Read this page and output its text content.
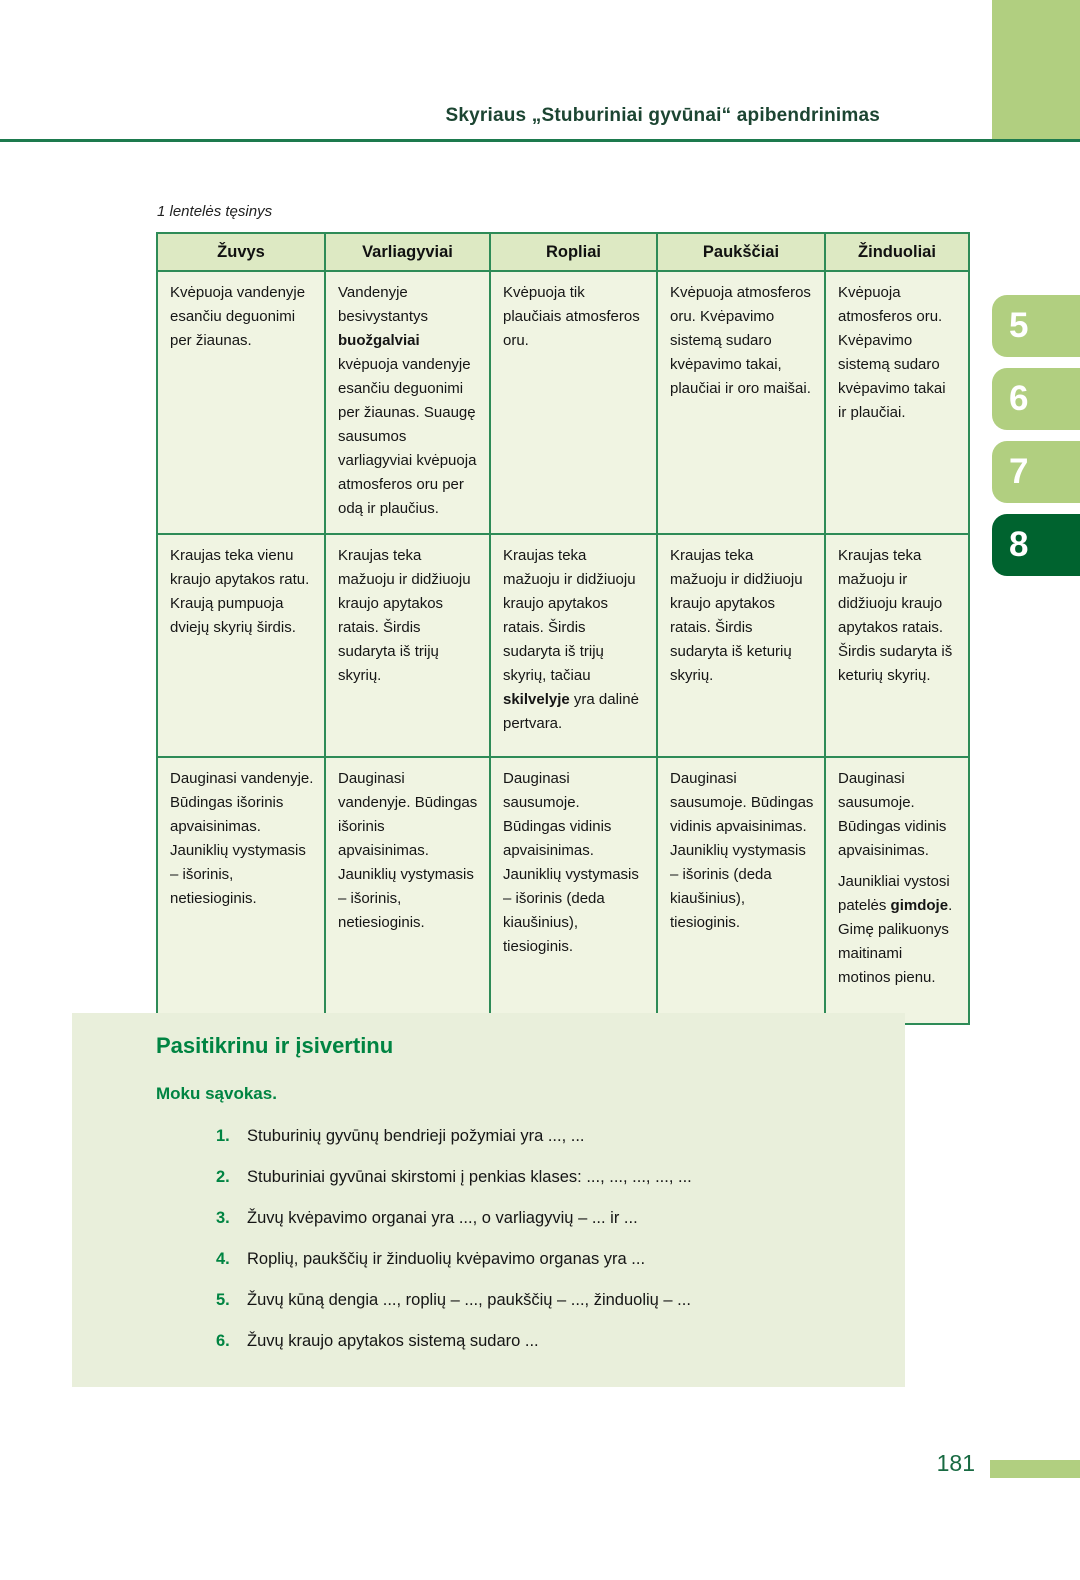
Skyriaus „Stuburiniai gyvūnai“ apibendrinimas
1 lentelės tęsinys
Žuvys	Varliagyviai	Ropliai	Paukščiai	Žinduoliai

Kvėpuoja vandenyje esančiu deguonimi per žiaunas.	Vandenyje besivystantys buožgalviai kvėpuoja vandenyje esančiu deguonimi per žiaunas. Suaugę sausumos varliagyviai kvėpuoja atmosferos oru per odą ir plaučius.	Kvėpuoja tik plaučiais atmosferos oru.	Kvėpuoja atmosferos oru. Kvėpavimo sistemą sudaro kvėpavimo takai, plaučiai ir oro maišai.	Kvėpuoja atmosferos oru. Kvėpavimo sistemą sudaro kvėpavimo takai ir plaučiai.

Kraujas teka vienu kraujo apytakos ratu. Kraują pumpuoja dviejų skyrių širdis.	Kraujas teka mažuoju ir didžiuoju kraujo apytakos ratais. Širdis sudaryta iš trijų skyrių.	Kraujas teka mažuoju ir didžiuoju kraujo apytakos ratais. Širdis sudaryta iš trijų skyrių, tačiau skilvelyje yra dalinė pertvara.	Kraujas teka mažuoju ir didžiuoju kraujo apytakos ratais. Širdis sudaryta iš keturių skyrių.	Kraujas teka mažuoju ir didžiuoju kraujo apytakos ratais. Širdis sudaryta iš keturių skyrių.

Dauginasi vandenyje. Būdingas išorinis apvaisinimas. Jauniklių vystymasis – išorinis, netiesioginis.	Dauginasi vandenyje. Būdingas išorinis apvaisinimas. Jauniklių vystymasis – išorinis, netiesioginis.	Dauginasi sausumoje. Būdingas vidinis apvaisinimas. Jauniklių vystymasis – išorinis (deda kiaušinius), tiesioginis.	Dauginasi sausumoje. Būdingas vidinis apvaisinimas. Jauniklių vystymasis – išorinis (deda kiaušinius), tiesioginis.	Dauginasi sausumoje. Būdingas vidinis apvaisinimas.

Jaunikliai vystosi patelės gimdoje. Gimę palikuonys maitinami motinos pienu.

5
6
7
8
Pasitikrinu ir įsivertinu
Moku sąvokas.
1.	Stuburinių gyvūnų bendrieji požymiai yra ..., ...
2.	Stuburiniai gyvūnai skirstomi į penkias klases: ..., ..., ..., ..., ...
3.	Žuvų kvėpavimo organai yra ..., o varliagyvių – ... ir ...
4.	Roplių, paukščių ir žinduolių kvėpavimo organas yra ...
5.	Žuvų kūną dengia ..., roplių – ..., paukščių – ..., žinduolių – ...
6.	Žuvų kraujo apytakos sistemą sudaro ...
181
